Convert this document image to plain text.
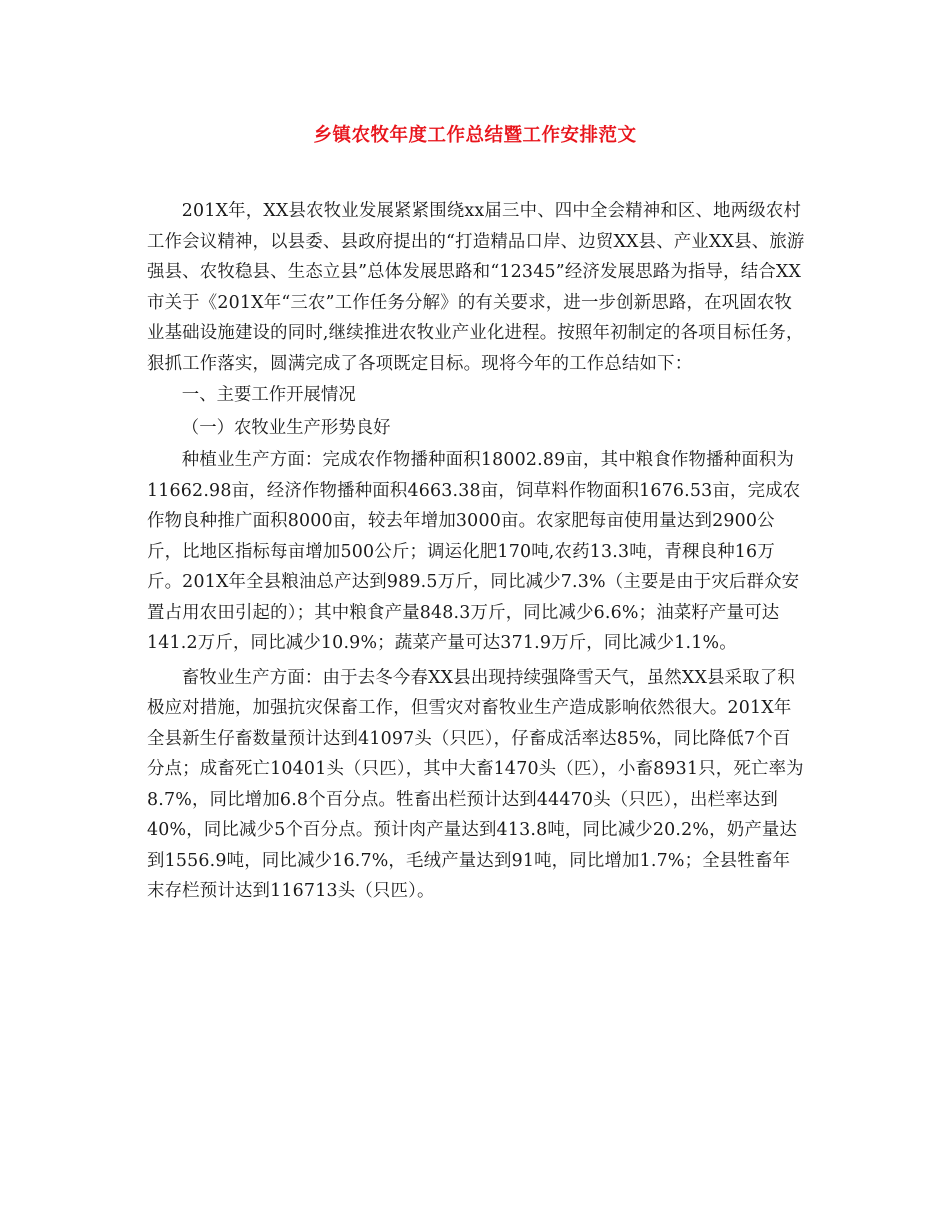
乡镇农牧年度工作总结暨工作安排范文

201X年，XX县农牧业发展紧紧围绕xx届三中、四中全会精神和区、地两级农村工作会议精神，以县委、县政府提出的“打造精品口岸、边贸XX县、产业XX县、旅游强县、农牧稳县、生态立县”总体发展思路和“12345”经济发展思路为指导，结合XX市关于《201X年“三农”工作任务分解》的有关要求，进一步创新思路，在巩固农牧业基础设施建设的同时,继续推进农牧业产业化进程。按照年初制定的各项目标任务，狠抓工作落实，圆满完成了各项既定目标。现将今年的工作总结如下：

一、主要工作开展情况

（一）农牧业生产形势良好

种植业生产方面：完成农作物播种面积18002.89亩，其中粮食作物播种面积为11662.98亩，经济作物播种面积4663.38亩，饲草料作物面积1676.53亩，完成农作物良种推广面积8000亩，较去年增加3000亩。农家肥每亩使用量达到2900公斤，比地区指标每亩增加500公斤；调运化肥170吨,农药13.3吨，青稞良种16万斤。201X年全县粮油总产达到989.5万斤，同比减少7.3%（主要是由于灾后群众安置占用农田引起的）；其中粮食产量848.3万斤，同比减少6.6%；油菜籽产量可达141.2万斤，同比减少10.9%；蔬菜产量可达371.9万斤，同比减少1.1%。

畜牧业生产方面：由于去冬今春XX县出现持续强降雪天气，虽然XX县采取了积极应对措施，加强抗灾保畜工作，但雪灾对畜牧业生产造成影响依然很大。201X年全县新生仔畜数量预计达到41097头（只匹），仔畜成活率达85%，同比降低7个百分点；成畜死亡10401头（只匹），其中大畜1470头（匹），小畜8931只，死亡率为8.7%，同比增加6.8个百分点。牲畜出栏预计达到44470头（只匹），出栏率达到40%，同比减少5个百分点。预计肉产量达到413.8吨，同比减少20.2%，奶产量达到1556.9吨，同比减少16.7%，毛绒产量达到91吨，同比增加1.7%；全县牲畜年末存栏预计达到116713头（只匹）。
